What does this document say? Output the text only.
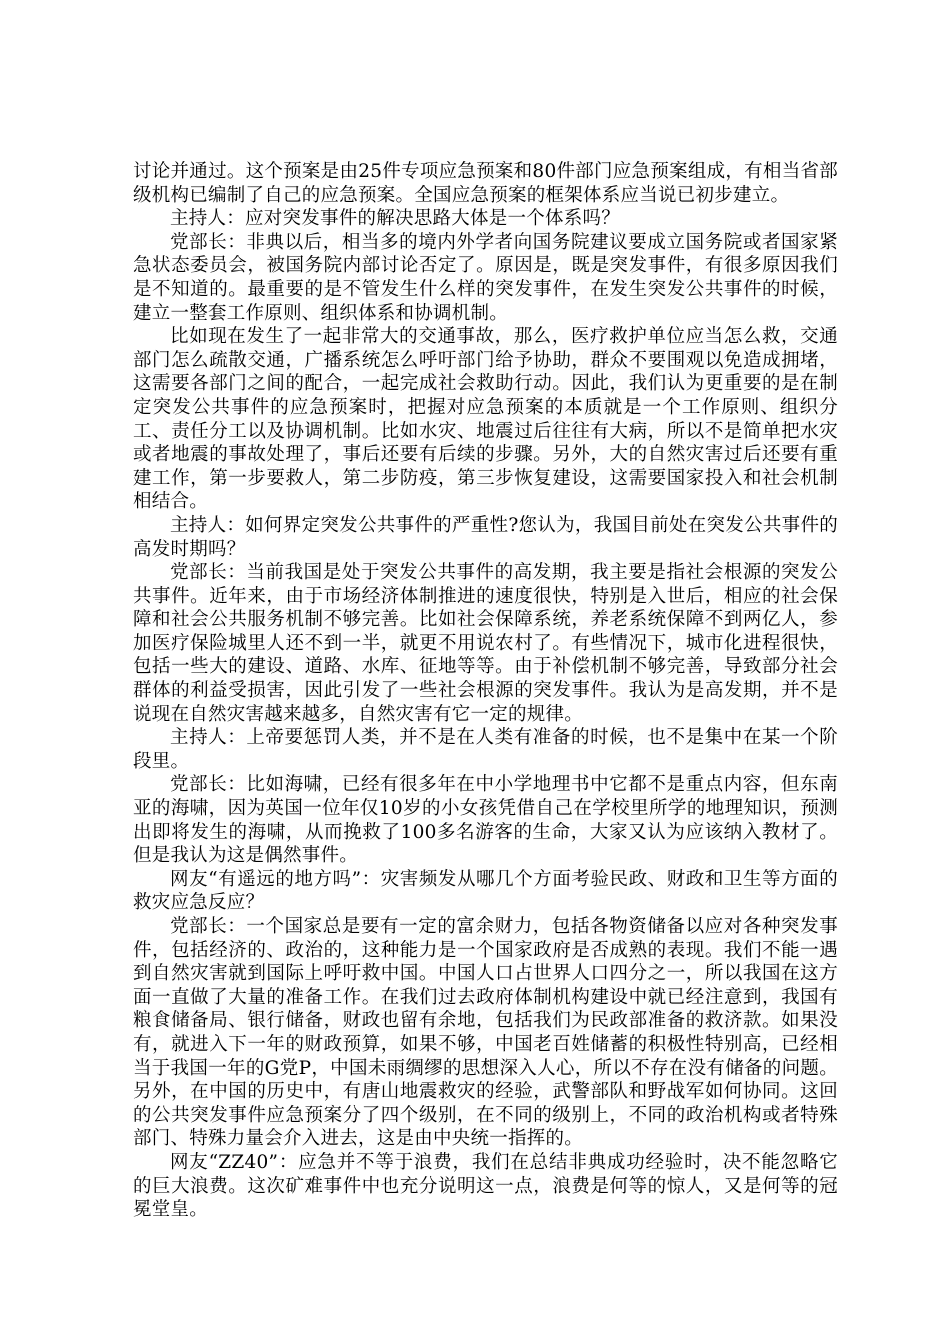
讨论并通过。这个预案是由25件专项应急预案和80件部门应急预案组成，有相当省部级机构已编制了自己的应急预案。全国应急预案的框架体系应当说已初步建立。

主持人：应对突发事件的解决思路大体是一个体系吗？

党部长：非典以后，相当多的境内外学者向国务院建议要成立国务院或者国家紧急状态委员会，被国务院内部讨论否定了。原因是，既是突发事件，有很多原因我们是不知道的。最重要的是不管发生什么样的突发事件，在发生突发公共事件的时候，建立一整套工作原则、组织体系和协调机制。

比如现在发生了一起非常大的交通事故，那么，医疗救护单位应当怎么救，交通部门怎么疏散交通，广播系统怎么呼吁部门给予协助，群众不要围观以免造成拥堵，这需要各部门之间的配合，一起完成社会救助行动。因此，我们认为更重要的是在制定突发公共事件的应急预案时，把握对应急预案的本质就是一个工作原则、组织分工、责任分工以及协调机制。比如水灾、地震过后往往有大病，所以不是简单把水灾或者地震的事故处理了，事后还要有后续的步骤。另外，大的自然灾害过后还要有重建工作，第一步要救人，第二步防疫，第三步恢复建设，这需要国家投入和社会机制相结合。

主持人：如何界定突发公共事件的严重性?您认为，我国目前处在突发公共事件的高发时期吗？

党部长：当前我国是处于突发公共事件的高发期，我主要是指社会根源的突发公共事件。近年来，由于市场经济体制推进的速度很快，特别是入世后，相应的社会保障和社会公共服务机制不够完善。比如社会保障系统，养老系统保障不到两亿人，参加医疗保险城里人还不到一半，就更不用说农村了。有些情况下，城市化进程很快，包括一些大的建设、道路、水库、征地等等。由于补偿机制不够完善，导致部分社会群体的利益受损害，因此引发了一些社会根源的突发事件。我认为是高发期，并不是说现在自然灾害越来越多，自然灾害有它一定的规律。

主持人：上帝要惩罚人类，并不是在人类有准备的时候，也不是集中在某一个阶段里。

党部长：比如海啸，已经有很多年在中小学地理书中它都不是重点内容，但东南亚的海啸，因为英国一位年仅10岁的小女孩凭借自己在学校里所学的地理知识，预测出即将发生的海啸，从而挽救了100多名游客的生命，大家又认为应该纳入教材了。但是我认为这是偶然事件。

网友“有遥远的地方吗”：灾害频发从哪几个方面考验民政、财政和卫生等方面的救灾应急反应？

党部长：一个国家总是要有一定的富余财力，包括各物资储备以应对各种突发事件，包括经济的、政治的，这种能力是一个国家政府是否成熟的表现。我们不能一遇到自然灾害就到国际上呼吁救中国。中国人口占世界人口四分之一，所以我国在这方面一直做了大量的准备工作。在我们过去政府体制机构建设中就已经注意到，我国有粮食储备局、银行储备，财政也留有余地，包括我们为民政部准备的救济款。如果没有，就进入下一年的财政预算，如果不够，中国老百姓储蓄的积极性特别高，已经相当于我国一年的G党P，中国未雨绸缪的思想深入人心，所以不存在没有储备的问题。另外，在中国的历史中，有唐山地震救灾的经验，武警部队和野战军如何协同。这回的公共突发事件应急预案分了四个级别，在不同的级别上，不同的政治机构或者特殊部门、特殊力量会介入进去，这是由中央统一指挥的。

网友“ZZ40”：应急并不等于浪费，我们在总结非典成功经验时，决不能忽略它的巨大浪费。这次矿难事件中也充分说明这一点，浪费是何等的惊人，又是何等的冠冕堂皇。
